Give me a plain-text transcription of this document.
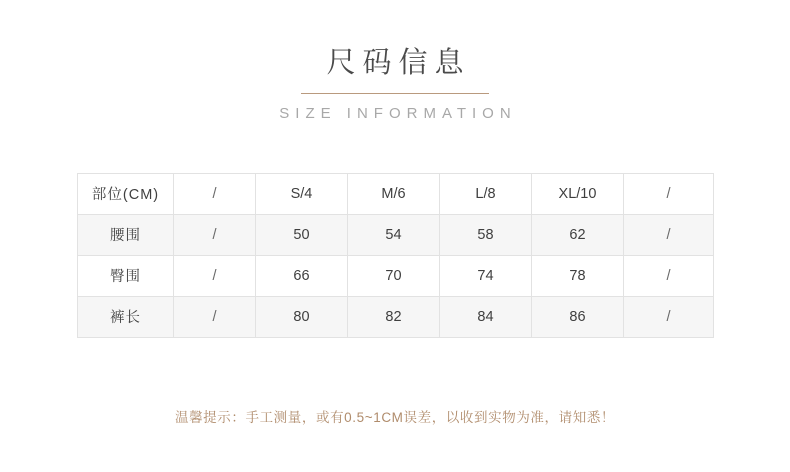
尺码信息
SIZE INFORMATION
部位(CM)	/	S/4	M/6	L/8	XL/10	/
腰围	/	50	54	58	62	/
臀围	/	66	70	74	78	/
裤长	/	80	82	84	86	/
温馨提示：手工测量，或有0.5~1CM误差，以收到实物为准，请知悉！
